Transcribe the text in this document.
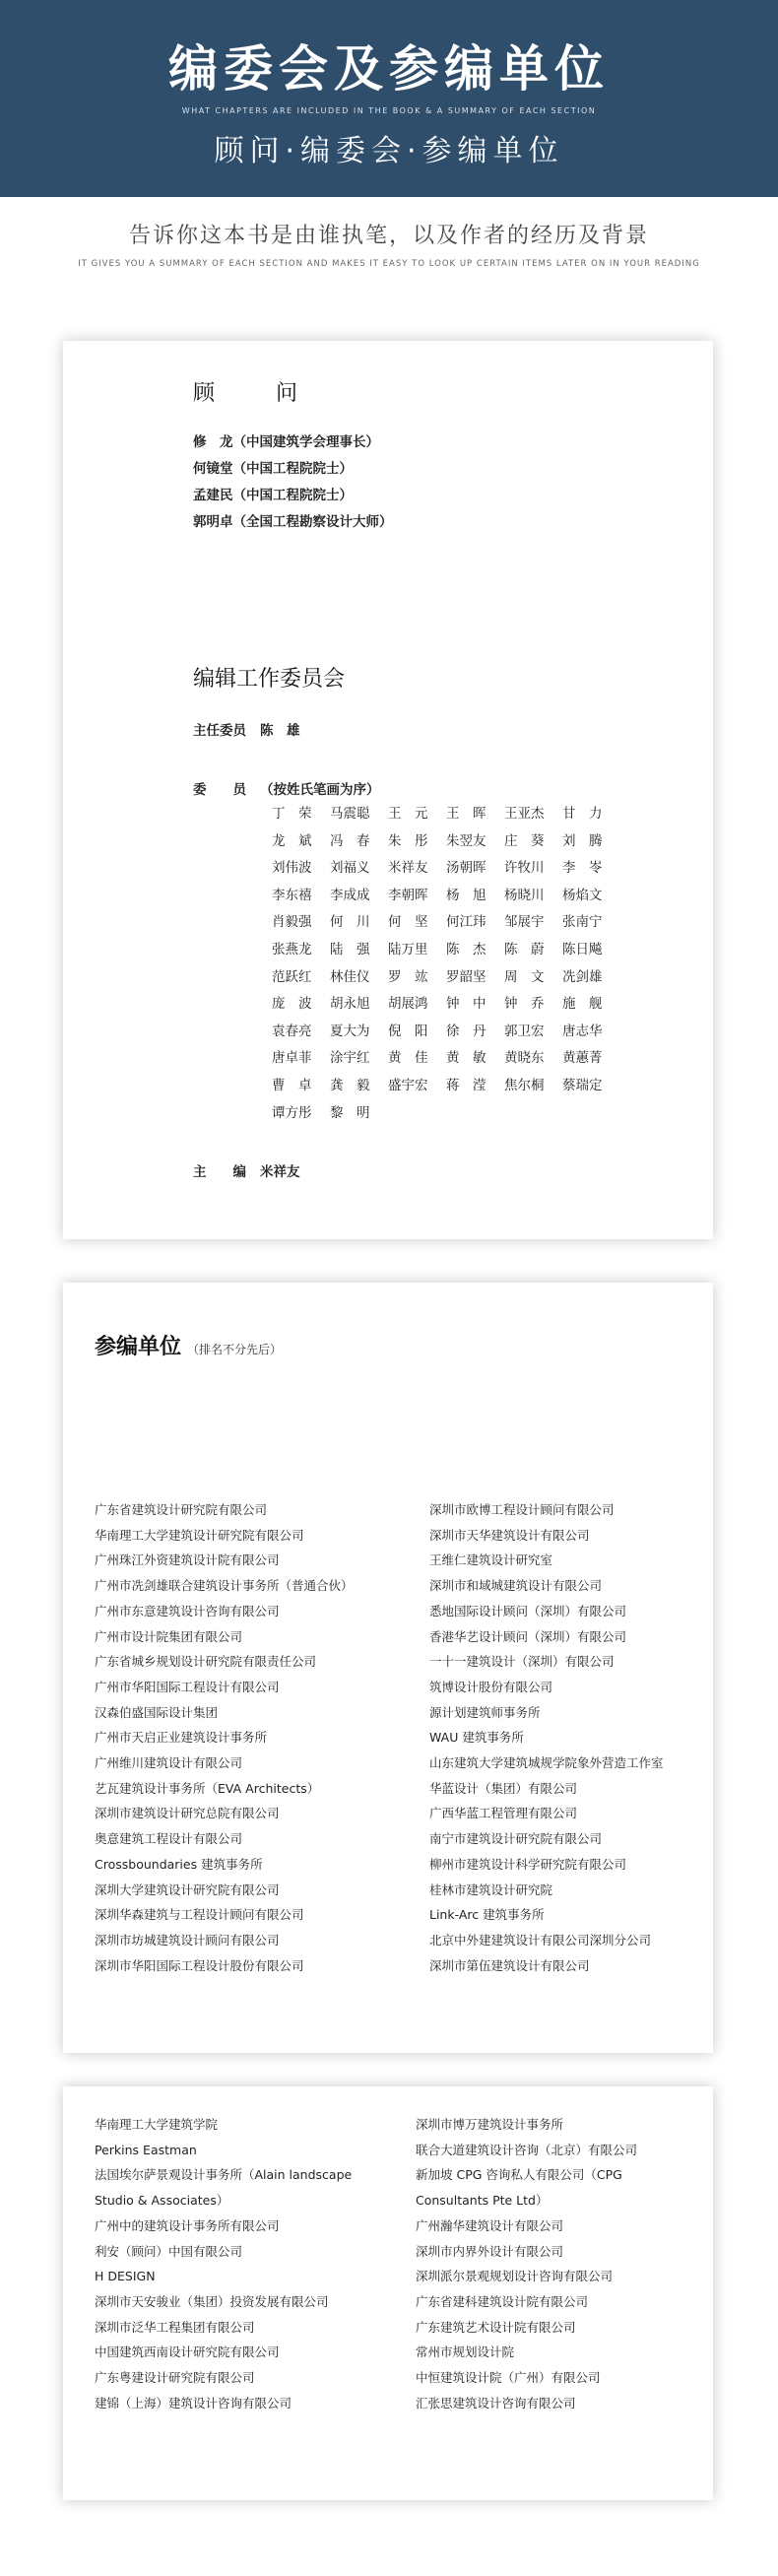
编委会及参编单位
WHAT CHAPTERS ARE INCLUDED IN THE BOOK & A SUMMARY OF EACH SECTION
顾问·编委会·参编单位
告诉你这本书是由谁执笔，以及作者的经历及背景
IT GIVES YOU A SUMMARY OF EACH SECTION AND MAKES IT EASY TO LOOK UP CERTAIN ITEMS LATER ON IN YOUR READING
顾　问
修　龙（中国建筑学会理事长）
何镜堂（中国工程院院士）
孟建民（中国工程院院士）
郭明卓（全国工程勘察设计大师）
编辑工作委员会
主任委员 陈　雄
委　　员 （按姓氏笔画为序）
丁　荣	马震聪	王　元	王　晖	王亚杰	甘　力
龙　斌	冯　春	朱　彤	朱翌友	庄　葵	刘　腾
刘伟波	刘福义	米祥友	汤朝晖	许牧川	李　岺
李东禧	李成成	李朝晖	杨　旭	杨晓川	杨焰文
肖毅强	何　川	何　坚	何江玮	邹展宇	张南宁
张燕龙	陆　强	陆万里	陈　杰	陈　蔚	陈日飚
范跃红	林佳仪	罗　竑	罗韶坚	周　文	冼剑雄
庞　波	胡永旭	胡展鸿	钟　中	钟　乔	施　舰
袁春亮	夏大为	倪　阳	徐　丹	郭卫宏	唐志华
唐卓菲	涂宇红	黄　佳	黄　敏	黄晓东	黄蕙菁
曹　卓	龚　毅	盛宇宏	蒋　滢	焦尔桐	蔡瑞定
谭方彤	黎　明
主　　编 米祥友
参编单位 （排名不分先后）
广东省建筑设计研究院有限公司
华南理工大学建筑设计研究院有限公司
广州珠江外资建筑设计院有限公司
广州市冼剑雄联合建筑设计事务所（普通合伙）
广州市东意建筑设计咨询有限公司
广州市设计院集团有限公司
广东省城乡规划设计研究院有限责任公司
广州市华阳国际工程设计有限公司
汉森伯盛国际设计集团
广州市天启正业建筑设计事务所
广州维川建筑设计有限公司
艺瓦建筑设计事务所（EVA Architects）
深圳市建筑设计研究总院有限公司
奥意建筑工程设计有限公司
Crossboundaries 建筑事务所
深圳大学建筑设计研究院有限公司
深圳华森建筑与工程设计顾问有限公司
深圳市坊城建筑设计顾问有限公司
深圳市华阳国际工程设计股份有限公司
深圳市欧博工程设计顾问有限公司
深圳市天华建筑设计有限公司
王维仁建筑设计研究室
深圳市和域城建筑设计有限公司
悉地国际设计顾问（深圳）有限公司
香港华艺设计顾问（深圳）有限公司
一十一建筑设计（深圳）有限公司
筑博设计股份有限公司
源计划建筑师事务所
WAU 建筑事务所
山东建筑大学建筑城规学院象外营造工作室
华蓝设计（集团）有限公司
广西华蓝工程管理有限公司
南宁市建筑设计研究院有限公司
柳州市建筑设计科学研究院有限公司
桂林市建筑设计研究院
Link-Arc 建筑事务所
北京中外建建筑设计有限公司深圳分公司
深圳市第伍建筑设计有限公司
华南理工大学建筑学院
Perkins Eastman
法国埃尔萨景观设计事务所（Alain landscape
Studio & Associates）
广州中的建筑设计事务所有限公司
利安（顾问）中国有限公司
H DESIGN
深圳市天安骏业（集团）投资发展有限公司
深圳市泛华工程集团有限公司
中国建筑西南设计研究院有限公司
广东粤建设计研究院有限公司
建锦（上海）建筑设计咨询有限公司
深圳市博万建筑设计事务所
联合大道建筑设计咨询（北京）有限公司
新加坡 CPG 咨询私人有限公司（CPG Consultants Pte Ltd）
广州瀚华建筑设计有限公司
深圳市内界外设计有限公司
深圳派尔景观规划设计咨询有限公司
广东省建科建筑设计院有限公司
广东建筑艺术设计院有限公司
常州市规划设计院
中恒建筑设计院（广州）有限公司
汇张思建筑设计咨询有限公司
